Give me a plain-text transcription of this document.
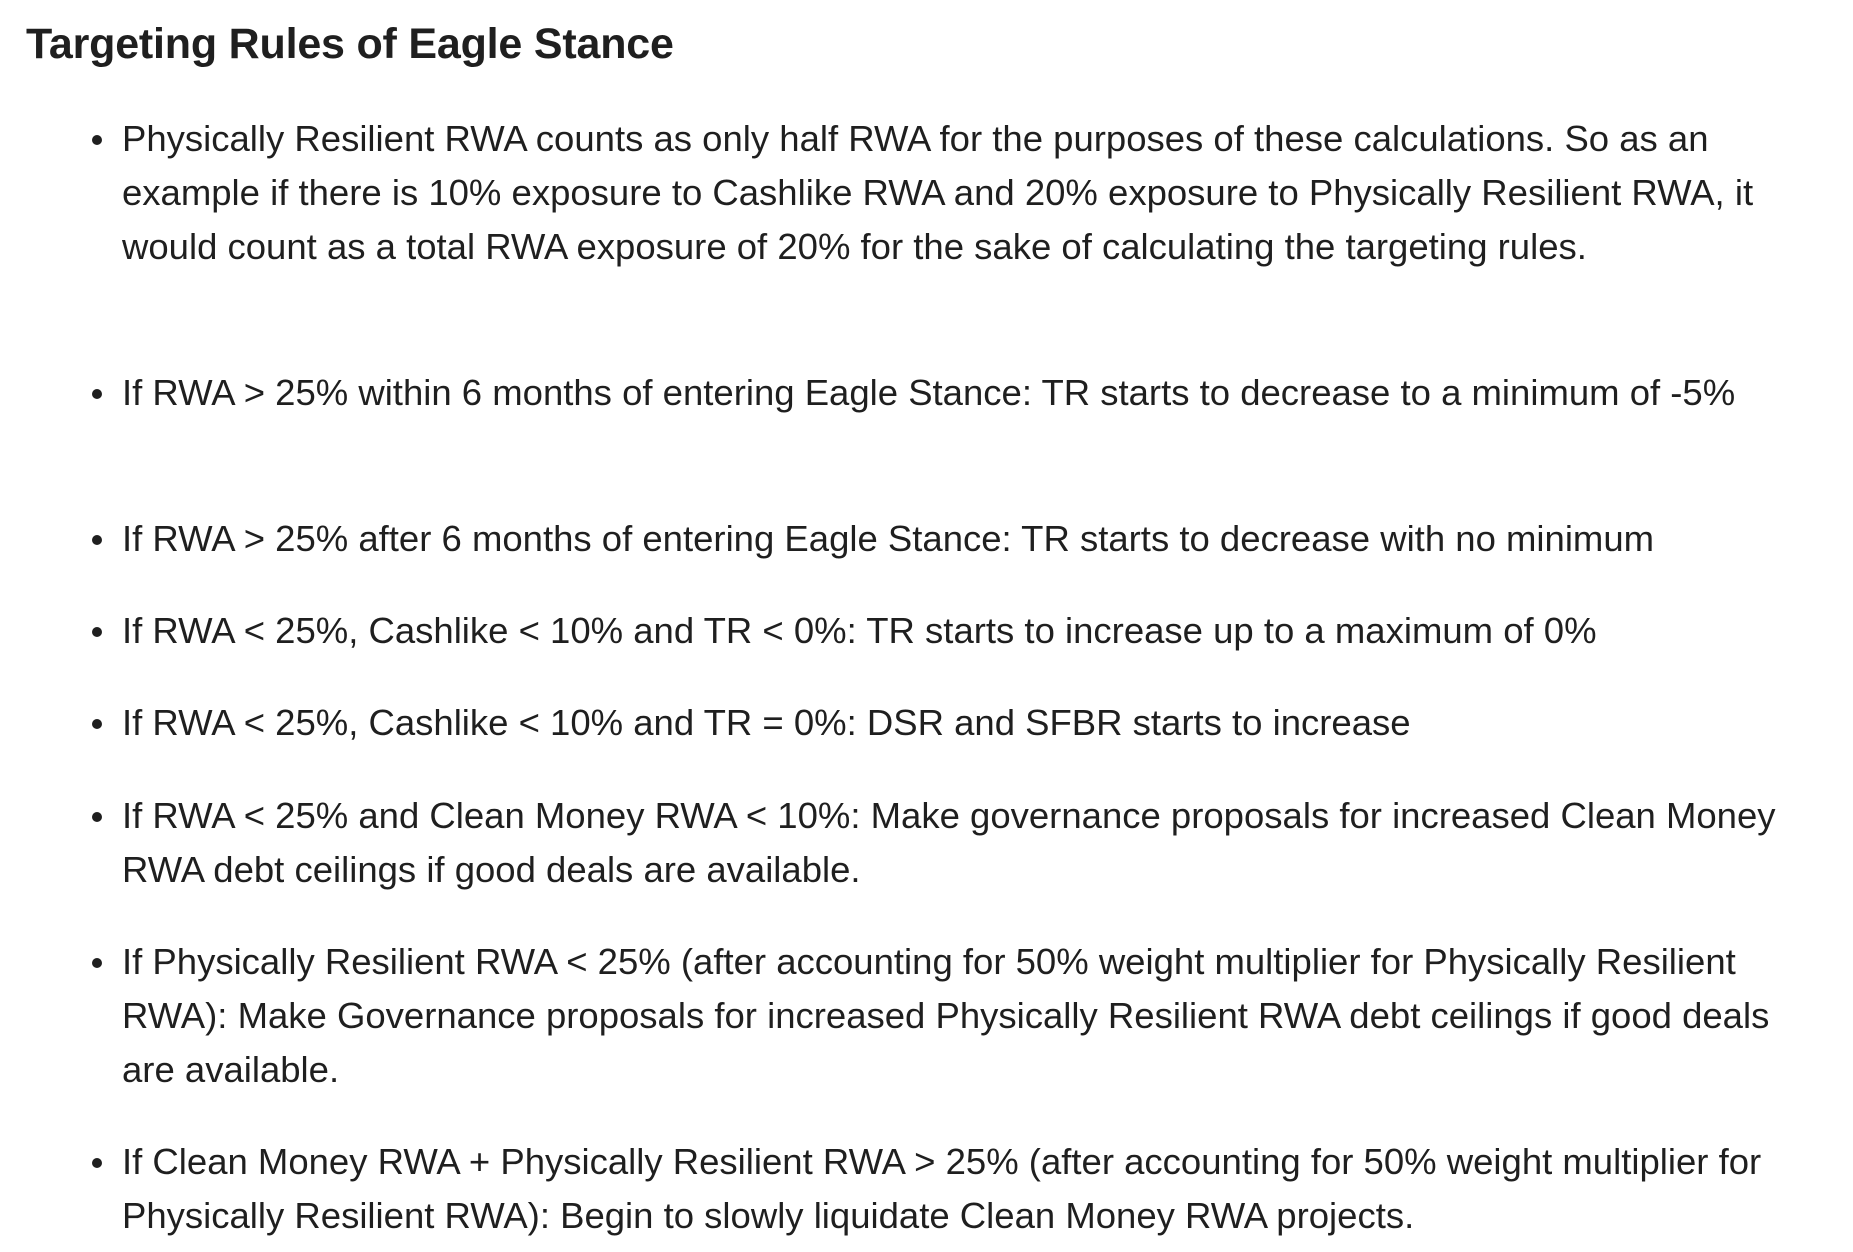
Targeting Rules of Eagle Stance
Physically Resilient RWA counts as only half RWA for the purposes of these calculations. So as an example if there is 10% exposure to Cashlike RWA and 20% exposure to Physically Resilient RWA, it would count as a total RWA exposure of 20% for the sake of calculating the targeting rules.
If RWA > 25% within 6 months of entering Eagle Stance: TR starts to decrease to a minimum of -5%
If RWA > 25% after 6 months of entering Eagle Stance: TR starts to decrease with no minimum
If RWA < 25%, Cashlike < 10% and TR < 0%: TR starts to increase up to a maximum of 0%
If RWA < 25%, Cashlike < 10% and TR = 0%: DSR and SFBR starts to increase
If RWA < 25% and Clean Money RWA < 10%: Make governance proposals for increased Clean Money RWA debt ceilings if good deals are available.
If Physically Resilient RWA < 25% (after accounting for 50% weight multiplier for Physically Resilient RWA): Make Governance proposals for increased Physically Resilient RWA debt ceilings if good deals are available.
If Clean Money RWA + Physically Resilient RWA > 25% (after accounting for 50% weight multiplier for Physically Resilient RWA): Begin to slowly liquidate Clean Money RWA projects.
